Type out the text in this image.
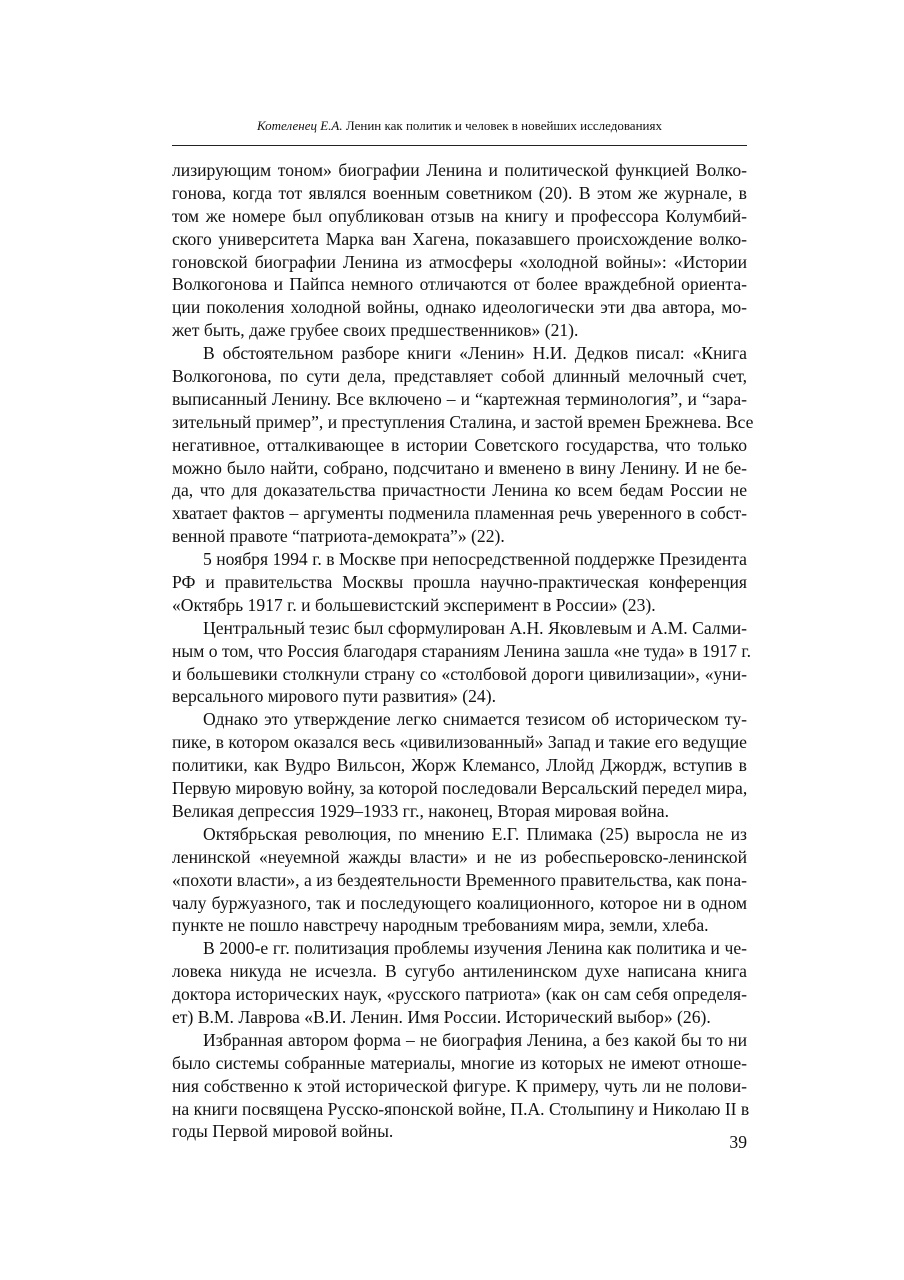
Котеленец Е.А. Ленин как политик и человек в новейших исследованиях
лизирующим тоном» биографии Ленина и политической функцией Волко-
гонова, когда тот являлся военным советником (20). В этом же журнале, в
том же номере был опубликован отзыв на книгу и профессора Колумбий-
ского университета Марка ван Хагена, показавшего происхождение волко-
гоновской биографии Ленина из атмосферы «холодной войны»: «Истории
Волкогонова и Пайпса немного отличаются от более враждебной ориента-
ции поколения холодной войны, однако идеологически эти два автора, мо-
жет быть, даже грубее своих предшественников» (21).
В обстоятельном разборе книги «Ленин» Н.И. Дедков писал: «Книга
Волкогонова, по сути дела, представляет собой длинный мелочный счет,
выписанный Ленину. Все включено – и “картежная терминология”, и “зара-
зительный пример”, и преступления Сталина, и застой времен Брежнева. Все
негативное, отталкивающее в истории Советского государства, что только
можно было найти, собрано, подсчитано и вменено в вину Ленину. И не бе-
да, что для доказательства причастности Ленина ко всем бедам России не
хватает фактов – аргументы подменила пламенная речь уверенного в собст-
венной правоте “патриота-демократа”» (22).
5 ноября 1994 г. в Москве при непосредственной поддержке Президента
РФ и правительства Москвы прошла научно-практическая конференция
«Октябрь 1917 г. и большевистский эксперимент в России» (23).
Центральный тезис был сформулирован А.Н. Яковлевым и А.М. Салми-
ным о том, что Россия благодаря стараниям Ленина зашла «не туда» в 1917 г.
и большевики столкнули страну со «столбовой дороги цивилизации», «уни-
версального мирового пути развития» (24).
Однако это утверждение легко снимается тезисом об историческом ту-
пике, в котором оказался весь «цивилизованный» Запад и такие его ведущие
политики, как Вудро Вильсон, Жорж Клемансо, Ллойд Джордж, вступив в
Первую мировую войну, за которой последовали Версальский передел мира,
Великая депрессия 1929–1933 гг., наконец, Вторая мировая война.
Октябрьская революция, по мнению Е.Г. Плимака (25) выросла не из
ленинской «неуемной жажды власти» и не из робеспьеровско-ленинской
«похоти власти», а из бездеятельности Временного правительства, как пона-
чалу буржуазного, так и последующего коалиционного, которое ни в одном
пункте не пошло навстречу народным требованиям мира, земли, хлеба.
В 2000-е гг. политизация проблемы изучения Ленина как политика и че-
ловека никуда не исчезла. В сугубо антиленинском духе написана книга
доктора исторических наук, «русского патриота» (как он сам себя определя-
ет) В.М. Лаврова «В.И. Ленин. Имя России. Исторический выбор» (26).
Избранная автором форма – не биография Ленина, а без какой бы то ни
было системы собранные материалы, многие из которых не имеют отноше-
ния собственно к этой исторической фигуре. К примеру, чуть ли не полови-
на книги посвящена Русско-японской войне, П.А. Столыпину и Николаю II в
годы Первой мировой войны.
39
